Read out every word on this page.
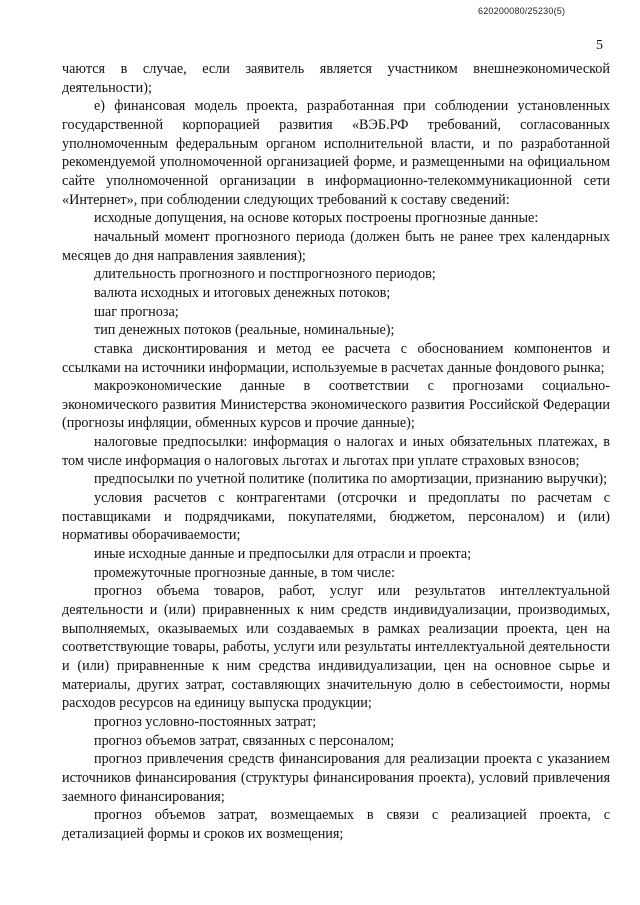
620200080/25230(5)
5

чаются в случае, если заявитель является участником внешнеэкономической деятельности);

е) финансовая модель проекта, разработанная при соблюдении установленных государственной корпорацией развития «ВЭБ.РФ требований, согласованных уполномоченным федеральным органом исполнительной власти, и по разработанной рекомендуемой уполномоченной организацией форме, и размещенными на официальном сайте уполномоченной организации в информационно-телекоммуникационной сети «Интернет», при соблюдении следующих требований к составу сведений:

исходные допущения, на основе которых построены прогнозные данные:

начальный момент прогнозного периода (должен быть не ранее трех календарных месяцев до дня направления заявления);

длительность прогнозного и постпрогнозного периодов;

валюта исходных и итоговых денежных потоков;

шаг прогноза;

тип денежных потоков (реальные, номинальные);

ставка дисконтирования и метод ее расчета с обоснованием компонентов и ссылками на источники информации, используемые в расчетах данные фондового рынка;

макроэкономические данные в соответствии с прогнозами социально-экономического развития Министерства экономического развития Российской Федерации (прогнозы инфляции, обменных курсов и прочие данные);

налоговые предпосылки: информация о налогах и иных обязательных платежах, в том числе информация о налоговых льготах и льготах при уплате страховых взносов;

предпосылки по учетной политике (политика по амортизации, признанию выручки);

условия расчетов с контрагентами (отсрочки и предоплаты по расчетам с поставщиками и подрядчиками, покупателями, бюджетом, персоналом) и (или) нормативы оборачиваемости;

иные исходные данные и предпосылки для отрасли и проекта;

промежуточные прогнозные данные, в том числе:

прогноз объема товаров, работ, услуг или результатов интеллектуальной деятельности и (или) приравненных к ним средств индивидуализации, производимых, выполняемых, оказываемых или создаваемых в рамках реализации проекта, цен на соответствующие товары, работы, услуги или результаты интеллектуальной деятельности и (или) приравненные к ним средства индивидуализации, цен на основное сырье и материалы, других затрат, составляющих значительную долю в себестоимости, нормы расходов ресурсов на единицу выпуска продукции;

прогноз условно-постоянных затрат;

прогноз объемов затрат, связанных с персоналом;

прогноз привлечения средств финансирования для реализации проекта с указанием источников финансирования (структуры финансирования проекта), условий привлечения заемного финансирования;

прогноз объемов затрат, возмещаемых в связи с реализацией проекта, с детализацией формы и сроков их возмещения;
